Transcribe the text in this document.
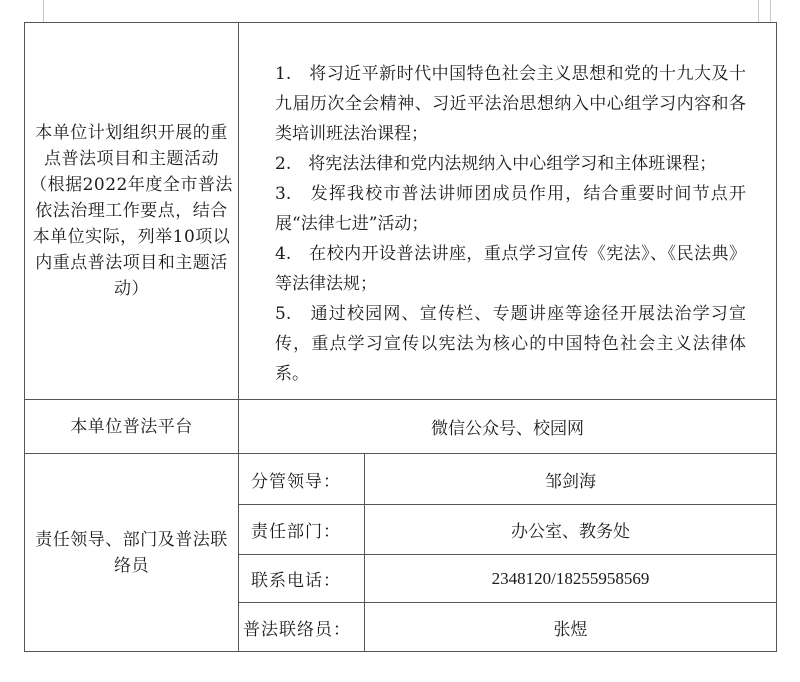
本单位计划组织开展的重点普法项目和主题活动（根据2022年度全市普法依法治理工作要点，结合本单位实际，列举10项以内重点普法项目和主题活动）	1.　将习近平新时代中国特色社会主义思想和党的十九大及十九届历次全会精神、习近平法治思想纳入中心组学习内容和各类培训班法治课程；

2.　将宪法法律和党内法规纳入中心组学习和主体班课程；

3.　发挥我校市普法讲师团成员作用，结合重要时间节点开展“法律七进”活动；

4.　在校内开设普法讲座，重点学习宣传《宪法》、《民法典》等法律法规；

5.　通过校园网、宣传栏、专题讲座等途径开展法治学习宣传，重点学习宣传以宪法为核心的中国特色社会主义法律体系。	

本单位普法平台	微信公众号、校园网	
责任领导、部门及普法联络员	分管领导：	邹剑海
	责任部门：	办公室、教务处
	联系电话：	2348120/18255958569
	普法联络员：	张煜
